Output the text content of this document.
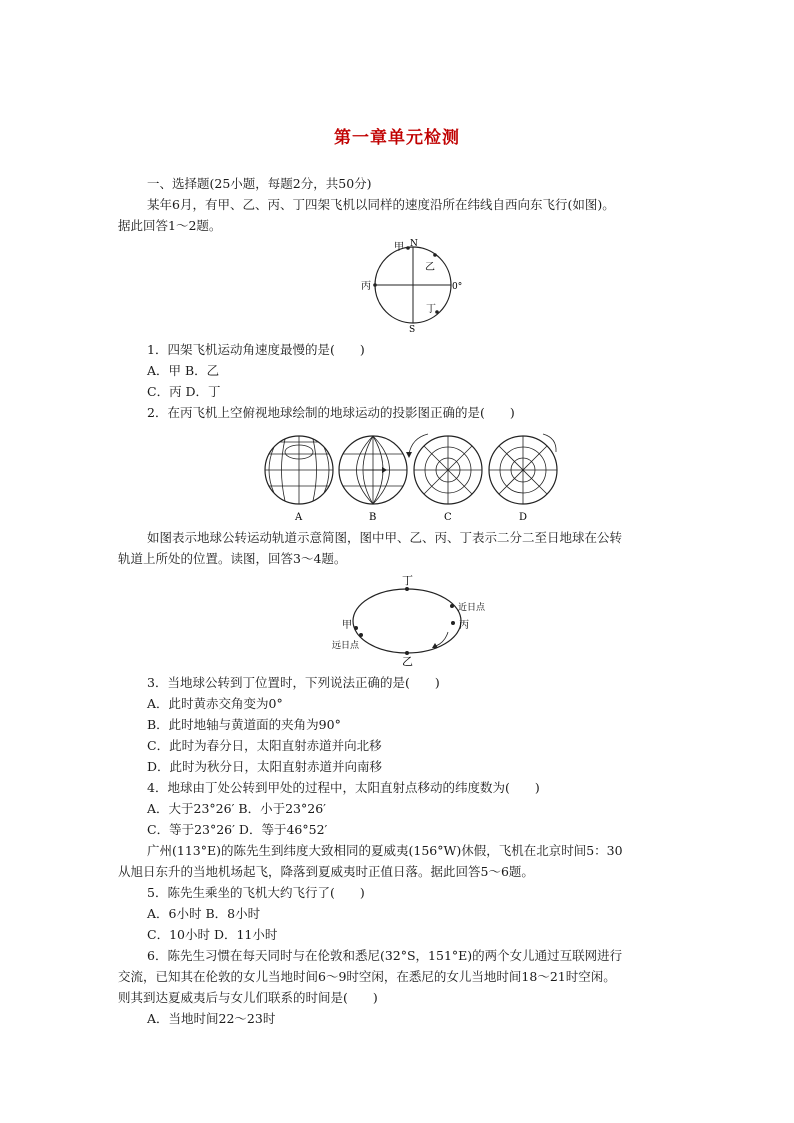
第一章单元检测
一、选择题(25小题，每题2分，共50分)
某年6月，有甲、乙、丙、丁四架飞机以同样的速度沿所在纬线自西向东飞行(如图)。
据此回答1～2题。
N
S
0°
甲
乙
丙
丁
1．四架飞机运动角速度最慢的是(　　)
A．甲 B．乙
C．丙 D．丁
2．在丙飞机上空俯视地球绘制的地球运动的投影图正确的是(　　)
A	B	C	D
如图表示地球公转运动轨道示意简图，图中甲、乙、丙、丁表示二分二至日地球在公转
轨道上所处的位置。读图，回答3～4题。
丁
乙
甲	丙
近日点
远日点
3．当地球公转到丁位置时，下列说法正确的是(　　)
A．此时黄赤交角变为0°
B．此时地轴与黄道面的夹角为90°
C．此时为春分日，太阳直射赤道并向北移
D．此时为秋分日，太阳直射赤道并向南移
4．地球由丁处公转到甲处的过程中，太阳直射点移动的纬度数为(　　)
A．大于23°26′ B．小于23°26′
C．等于23°26′ D．等于46°52′
广州(113°E)的陈先生到纬度大致相同的夏威夷(156°W)休假，飞机在北京时间5：30
从旭日东升的当地机场起飞，降落到夏威夷时正值日落。据此回答5～6题。
5．陈先生乘坐的飞机大约飞行了(　　)
A．6小时 B．8小时
C．10小时 D．11小时
6．陈先生习惯在每天同时与在伦敦和悉尼(32°S，151°E)的两个女儿通过互联网进行
交流，已知其在伦敦的女儿当地时间6～9时空闲，在悉尼的女儿当地时间18～21时空闲。
则其到达夏威夷后与女儿们联系的时间是(　　)
A．当地时间22～23时
